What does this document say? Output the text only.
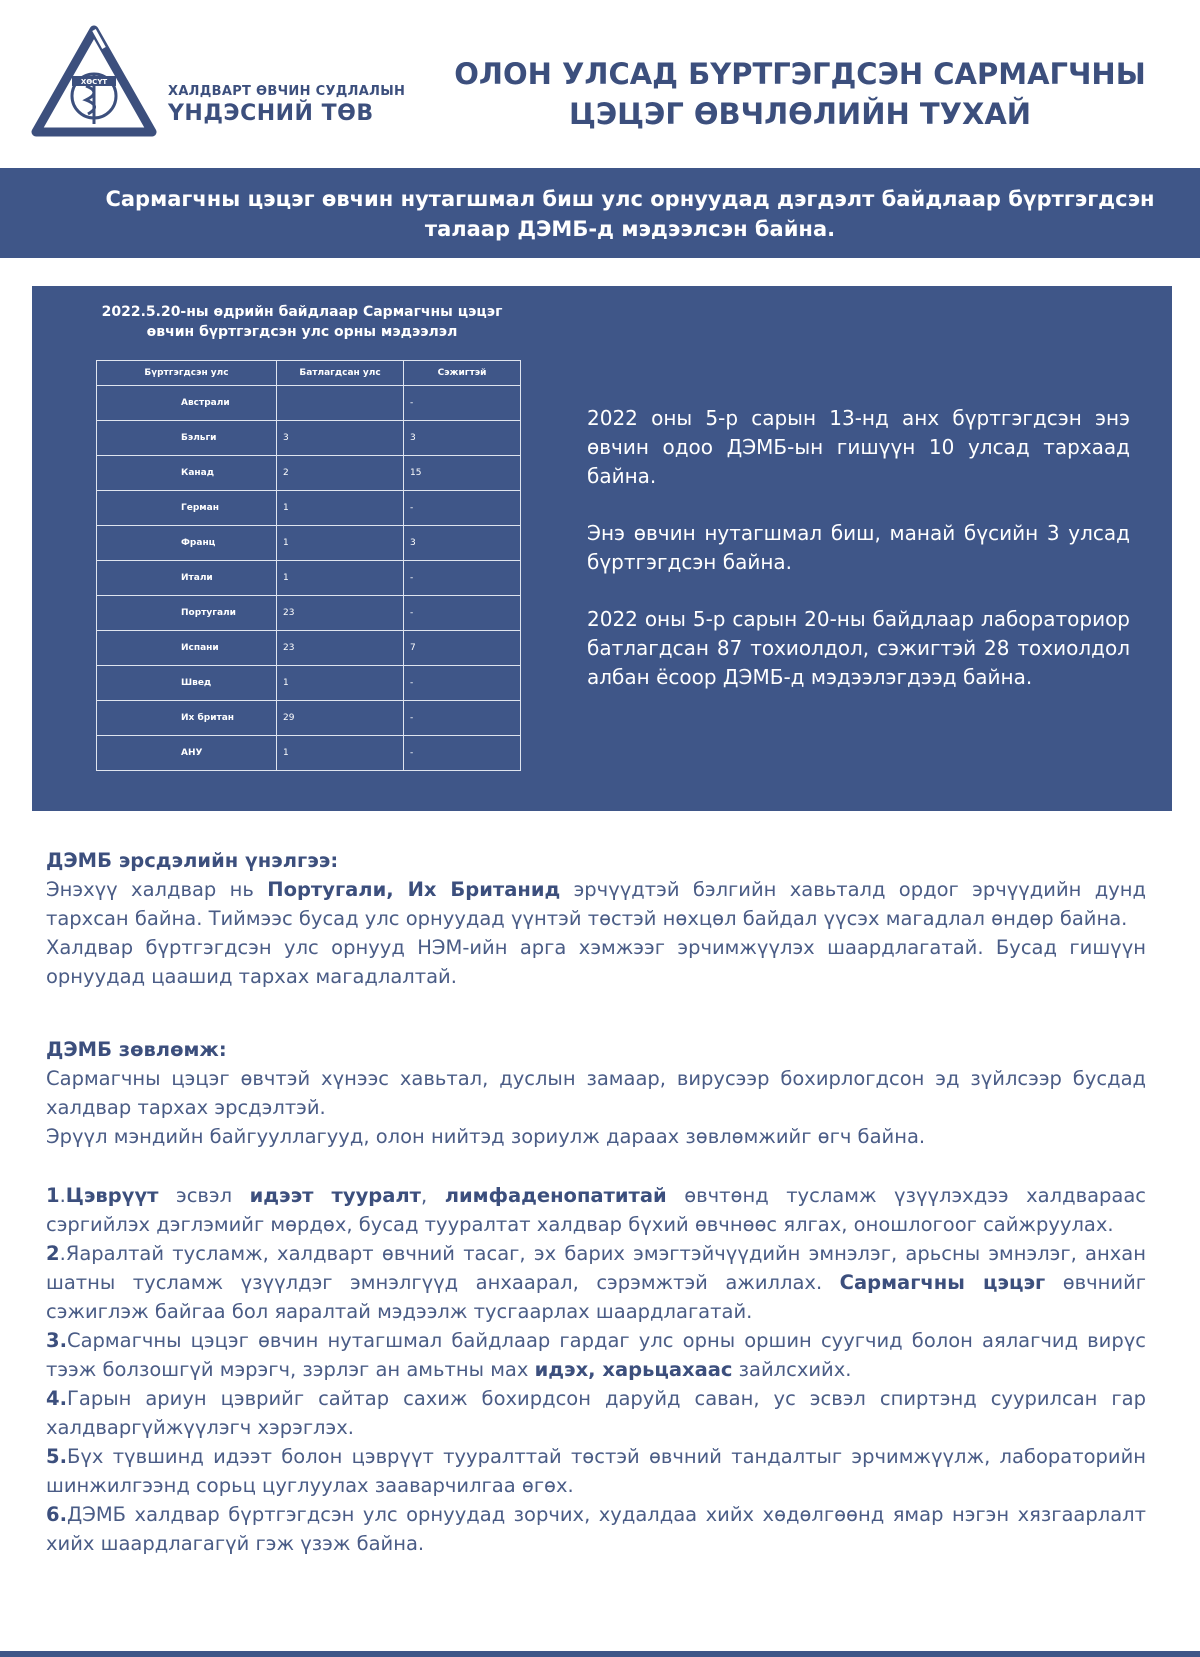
ХӨСҮТ
ХАЛДВАРТ ӨВЧИН СУДЛАЛЫН
ҮНДЭСНИЙ ТӨВ
ОЛОН УЛСАД БҮРТГЭГДСЭН САРМАГЧНЫ
ЦЭЦЭГ ӨВЧЛӨЛИЙН ТУХАЙ
Сармагчны цэцэг өвчин нутагшмал биш улс орнуудад дэгдэлт байдлаар бүртгэгдсэн
талаар ДЭМБ-д мэдээлсэн байна.
2022.5.20-ны өдрийн байдлаар Сармагчны цэцэг
өвчин бүртгэгдсэн улс орны мэдээлэл
Бүртгэгдсэн улс	Батлагдсан улс	Сэжигтэй
Австрали		-
Бэльги	3	3
Канад	2	15
Герман	1	-
Франц	1	3
Итали	1	-
Португали	23	-
Испани	23	7
Швед	1	-
Их британ	29	-
АНУ	1	-

2022 оны 5-р сарын 13-нд анх бүртгэгдсэн энэ өвчин одоо ДЭМБ-ын гишүүн 10 улсад тархаад байна.

Энэ өвчин нутагшмал биш, манай бүсийн 3 улсад бүртгэгдсэн байна.

2022 оны 5-р сарын 20-ны байдлаар лабораториор батлагдсан 87 тохиолдол, сэжигтэй 28 тохиолдол албан ёсоор ДЭМБ-д мэдээлэгдээд байна.

ДЭМБ эрсдэлийн үнэлгээ:

Энэхүү халдвар нь Португали, Их Британид эрчүүдтэй бэлгийн хавьталд ордог эрчүүдийн дунд тархсан байна. Тиймээс бусад улс орнуудад үүнтэй төстэй нөхцөл байдал үүсэх магадлал өндөр байна.

Халдвар бүртгэгдсэн улс орнууд НЭМ-ийн арга хэмжээг эрчимжүүлэх шаардлагатай. Бусад гишүүн орнуудад цаашид тархах магадлалтай.

ДЭМБ зөвлөмж:

Сармагчны цэцэг өвчтэй хүнээс хавьтал, дуслын замаар, вирусээр бохирлогдсон эд зүйлсээр бусдад халдвар тархах эрсдэлтэй.

Эрүүл мэндийн байгууллагууд, олон нийтэд зориулж дараах зөвлөмжийг өгч байна.

1.Цэврүүт эсвэл идээт тууралт, лимфаденопатитай өвчтөнд тусламж үзүүлэхдээ халдвараас сэргийлэх дэглэмийг мөрдөх, бусад тууралтат халдвар бүхий өвчнөөс ялгах, оношлогоог сайжруулах.

2.Яаралтай тусламж, халдварт өвчний тасаг, эх барих эмэгтэйчүүдийн эмнэлэг, арьсны эмнэлэг, анхан шатны тусламж үзүүлдэг эмнэлгүүд анхаарал, сэрэмжтэй ажиллах. Сармагчны цэцэг өвчнийг сэжиглэж байгаа бол яаралтай мэдээлж тусгаарлах шаардлагатай.

3.Сармагчны цэцэг өвчин нутагшмал байдлаар гардаг улс орны оршин суугчид болон аялагчид вирүс тээж болзошгүй мэрэгч, зэрлэг ан амьтны мах идэх, харьцахаас зайлсхийх.

4.Гарын ариун цэврийг сайтар сахиж бохирдсон даруйд саван, ус эсвэл спиртэнд суурилсан гар халдваргүйжүүлэгч хэрэглэх.

5.Бүх түвшинд идээт болон цэврүүт тууралттай төстэй өвчний тандалтыг эрчимжүүлж, лабораторийн шинжилгээнд сорьц цуглуулах зааварчилгаа өгөх.

6.ДЭМБ халдвар бүртгэгдсэн улс орнуудад зорчих, худалдаа хийх хөдөлгөөнд ямар нэгэн хязгаарлалт хийх шаардлагагүй гэж үзэж байна.
